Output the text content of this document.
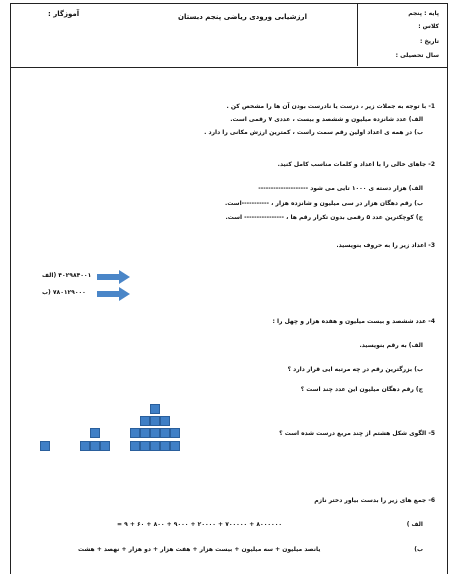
آموزگار :	ارزشیابی ورودی ریاضی پنجم دبستان	پایه : پنجم
کلاس :
تاریخ :
سال تحصیلی :
1- با توجه به جملات زیر ، درست یا نادرست بودن آن ها را مشخص کن .
الف) عدد شانزده میلیون و ششصد و بیست ، عددی ۷ رقمی است.
ب) در همه ی اعداد اولین رقم سمت راست ، کمترین ارزش مکانی را دارد .
2- جاهای خالی را با اعداد و کلمات مناسب کامل کنید.
الف) هزار دسته ی ۱۰۰۰ تایی می شود --------------------
ب) رقم دهگان هزار در سی میلیون و شانزده هزار ، -----------است.
ج) کوچکترین عدد ۵ رقمی بدون تکرار رقم ها ، ---------------- است.
3- اعداد زیر را به حروف بنویسید.
۴۰۲۹۸۴۰۰۱ (الف
۷۸۰۱۲۹۰۰۰ (ب
4- عدد ششصد و بیست میلیون و هفده هزار و چهل را :
الف) به رقم بنویسید.
ب) بزرگترین رقم در چه مرتبه ایی قرار دارد ؟
ج) رقم دهگان میلیون این عدد چند است ؟
5- الگوی شکل هشتم از چند مربع درست شده است ؟
6- جمع های زیر را بدست بیاور دختر نازم
الف )
۸۰۰۰۰۰۰ + ۷۰۰۰۰۰ + ۲۰۰۰۰ + ۹۰۰۰ + ۸۰۰ + ۶۰ + ۹ =
ب)
یانصد میلیون + سه میلیون + بیست هزار + هفت هزار + دو هزار + نهصد + هشت
